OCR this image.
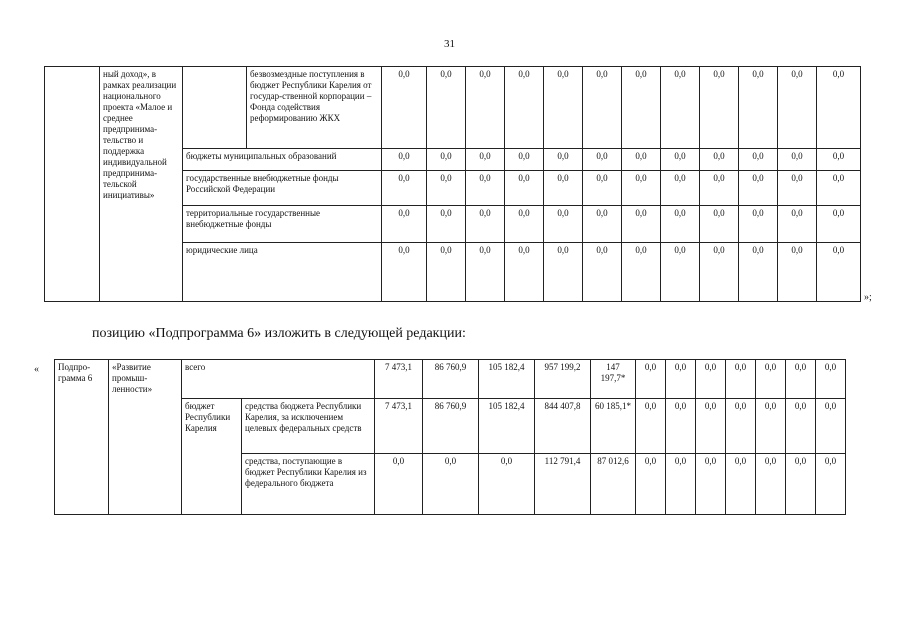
31
	ный доход», в рамках реализации национального проекта «Малое и среднее предпринима-тельство и поддержка индивидуальной предпринима-тельской инициативы»		безвозмездные поступления в бюджет Республики Карелия от государ-ственной корпорации – Фонда содействия реформированию ЖКХ	0,0	0,0	0,0	0,0	0,0	0,0	0,0	0,0	0,0	0,0	0,0	0,0
		бюджеты муниципальных образований		0,0	0,0	0,0	0,0	0,0	0,0	0,0	0,0	0,0	0,0	0,0	0,0
		государственные внебюджетные фонды Российской Федерации		0,0	0,0	0,0	0,0	0,0	0,0	0,0	0,0	0,0	0,0	0,0	0,0
		территориальные государственные внебюджетные фонды		0,0	0,0	0,0	0,0	0,0	0,0	0,0	0,0	0,0	0,0	0,0	0,0
		юридические лица		0,0	0,0	0,0	0,0	0,0	0,0	0,0	0,0	0,0	0,0	0,0	0,0
»;
позицию «Подпрограмма 6» изложить в следующей редакции:
« Подпро-грамма 6	«Развитие промыш-ленности»	всего		7 473,1	86 760,9	105 182,4	957 199,2	147 197,7*	0,0	0,0	0,0	0,0	0,0	0,0	0,0
		бюджет Республики Карелия	средства бюджета Республики Карелия, за исключением целевых федеральных средств	7 473,1	86 760,9	105 182,4	844 407,8	60 185,1*	0,0	0,0	0,0	0,0	0,0	0,0	0,0
			средства, поступающие в бюджет Республики Карелия из федерального бюджета	0,0	0,0	0,0	112 791,4	87 012,6	0,0	0,0	0,0	0,0	0,0	0,0	0,0
